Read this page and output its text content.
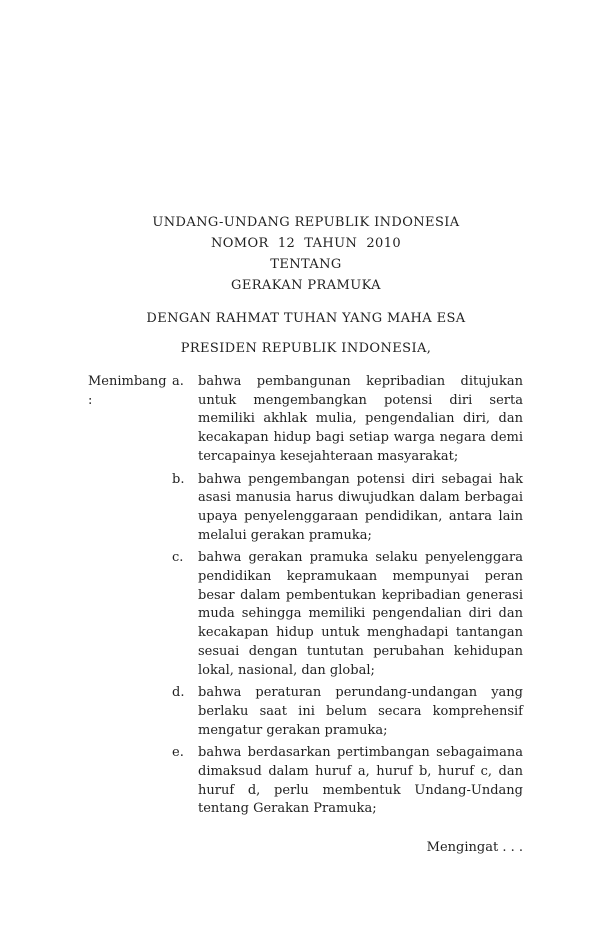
UNDANG-UNDANG REPUBLIK INDONESIA
NOMOR 12 TAHUN 2010
TENTANG
GERAKAN PRAMUKA
DENGAN RAHMAT TUHAN YANG MAHA ESA
PRESIDEN REPUBLIK INDONESIA,
Menimbang :
a.	bahwa pembangunan kepribadian ditujukan untuk mengembangkan potensi diri serta memiliki akhlak mulia, pengendalian diri, dan kecakapan hidup bagi setiap warga negara demi tercapainya kesejahteraan masyarakat;
b.	bahwa pengembangan potensi diri sebagai hak asasi manusia harus diwujudkan dalam berbagai upaya penyelenggaraan pendidikan, antara lain melalui gerakan pramuka;
c.	bahwa gerakan pramuka selaku penyelenggara pendidikan kepramukaan mempunyai peran besar dalam pembentukan kepribadian generasi muda sehingga memiliki pengendalian diri dan kecakapan hidup untuk menghadapi tantangan sesuai dengan tuntutan perubahan kehidupan lokal, nasional, dan global;
d.	bahwa peraturan perundang-undangan yang berlaku saat ini belum secara komprehensif mengatur gerakan pramuka;
e.	bahwa berdasarkan pertimbangan sebagaimana dimaksud dalam huruf a, huruf b, huruf c, dan huruf d, perlu membentuk Undang-Undang tentang Gerakan Pramuka;
Mengingat . . .
